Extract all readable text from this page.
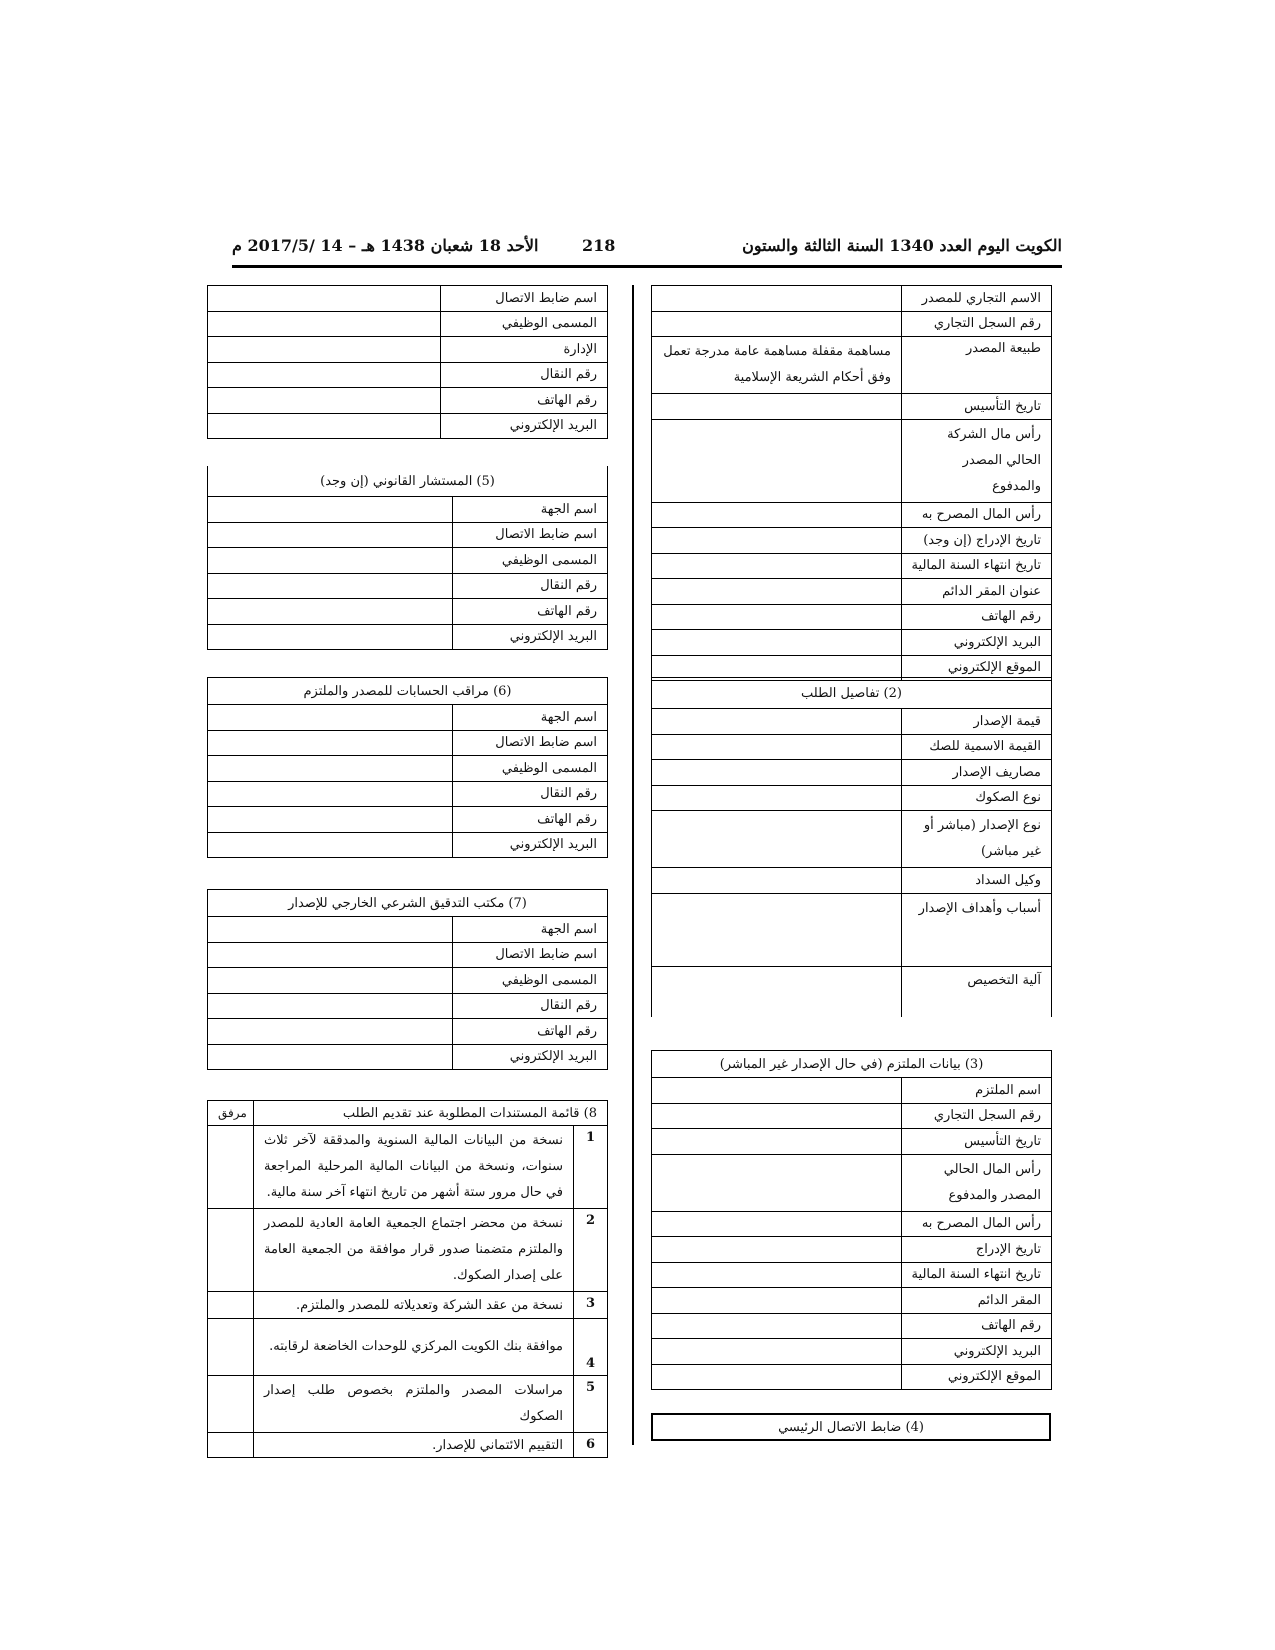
الأحد 18 شعبان 1438 هـ – 14 /2017/5 م	218	الكويت اليوم العدد 1340 السنة الثالثة والستون
	الاسم التجاري للمصدر
	رقم السجل التجاري
مساهمة مقفلة مساهمة عامة مدرجة تعمل وفق أحكام الشريعة الإسلامية	طبيعة المصدر
	تاريخ التأسيس
	رأس مال الشركة الحالي المصدر والمدفوع
	رأس المال المصرح به
	تاريخ الإدراج (إن وجد)
	تاريخ انتهاء السنة المالية
	عنوان المقر الدائم
	رقم الهاتف
	البريد الإلكتروني
	الموقع الإلكتروني
(2) تفاصيل الطلب	
	قيمة الإصدار
	القيمة الاسمية للصك
	مصاريف الإصدار
	نوع الصكوك
	نوع الإصدار (مباشر أو غير مباشر)
	وكيل السداد
	أسباب وأهداف الإصدار
	آلية التخصيص
(3) بيانات الملتزم (في حال الإصدار غير المباشر)	
	اسم الملتزم
	رقم السجل التجاري
	تاريخ التأسيس
	رأس المال الحالي المصدر والمدفوع
	رأس المال المصرح به
	تاريخ الإدراج
	تاريخ انتهاء السنة المالية
	المقر الدائم
	رقم الهاتف
	البريد الإلكتروني
	الموقع الإلكتروني
(4) ضابط الاتصال الرئيسي
	اسم ضابط الاتصال
	المسمى الوظيفي
	الإدارة
	رقم النقال
	رقم الهاتف
	البريد الإلكتروني
(5) المستشار القانوني (إن وجد)	
	اسم الجهة
	اسم ضابط الاتصال
	المسمى الوظيفي
	رقم النقال
	رقم الهاتف
	البريد الإلكتروني
(6) مراقب الحسابات للمصدر والملتزم	
	اسم الجهة
	اسم ضابط الاتصال
	المسمى الوظيفي
	رقم النقال
	رقم الهاتف
	البريد الإلكتروني
(7) مكتب التدقيق الشرعي الخارجي للإصدار	
	اسم الجهة
	اسم ضابط الاتصال
	المسمى الوظيفي
	رقم النقال
	رقم الهاتف
	البريد الإلكتروني
مرفق	8) قائمة المستندات المطلوبة عند تقديم الطلب	
	نسخة من البيانات المالية السنوية والمدققة لآخر ثلاث سنوات، ونسخة من البيانات المالية المرحلية المراجعة في حال مرور ستة أشهر من تاريخ انتهاء آخر سنة مالية.	1
	نسخة من محضر اجتماع الجمعية العامة العادية للمصدر والملتزم متضمنا صدور قرار موافقة من الجمعية العامة على إصدار الصكوك.	2
	نسخة من عقد الشركة وتعديلاته للمصدر والملتزم.	3
	موافقة بنك الكويت المركزي للوحدات الخاضعة لرقابته.	4
	مراسلات المصدر والملتزم بخصوص طلب إصدار الصكوك	5
	التقييم الائتماني للإصدار.	6
